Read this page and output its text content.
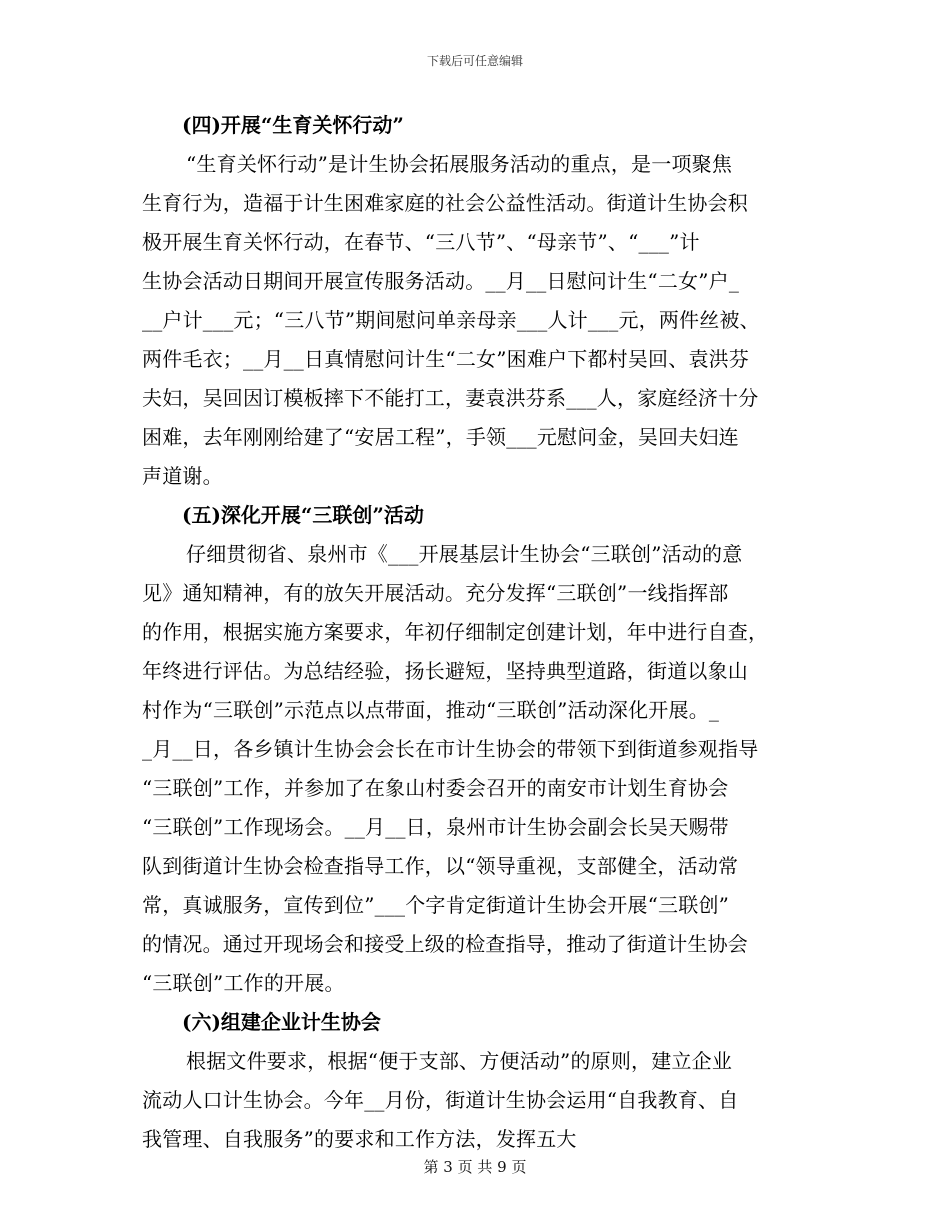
下载后可任意编辑
(四)开展“生育关怀行动”
“生育关怀行动”是计生协会拓展服务活动的重点，是一项聚焦
生育行为，造福于计生困难家庭的社会公益性活动。街道计生协会积
极开展生育关怀行动，在春节、“三八节”、“母亲节”、“___”计
生协会活动日期间开展宣传服务活动。__月__日慰问计生“二女”户_
__户计___元；“三八节”期间慰问单亲母亲___人计___元，两件丝被、
两件毛衣；__月__日真情慰问计生“二女”困难户下都村吴回、袁洪芬
夫妇，吴回因订模板摔下不能打工，妻袁洪芬系___人，家庭经济十分
困难，去年刚刚给建了“安居工程”，手领___元慰问金，吴回夫妇连
声道谢。
(五)深化开展“三联创”活动
仔细贯彻省、泉州市《___开展基层计生协会“三联创”活动的意
见》通知精神，有的放矢开展活动。充分发挥“三联创”一线指挥部
的作用，根据实施方案要求，年初仔细制定创建计划，年中进行自查，
年终进行评估。为总结经验，扬长避短，坚持典型道路，街道以象山
村作为“三联创”示范点以点带面，推动“三联创”活动深化开展。_
_月__日，各乡镇计生协会会长在市计生协会的带领下到街道参观指导
“三联创”工作，并参加了在象山村委会召开的南安市计划生育协会
“三联创”工作现场会。__月__日，泉州市计生协会副会长吴天赐带
队到街道计生协会检查指导工作，以“领导重视，支部健全，活动常
常，真诚服务，宣传到位”___个字肯定街道计生协会开展“三联创”
的情况。通过开现场会和接受上级的检查指导，推动了街道计生协会
“三联创”工作的开展。
(六)组建企业计生协会
根据文件要求，根据“便于支部、方便活动”的原则，建立企业
流动人口计生协会。今年__月份，街道计生协会运用“自我教育、自
我管理、自我服务”的要求和工作方法，发挥五大
第 3 页 共 9 页
